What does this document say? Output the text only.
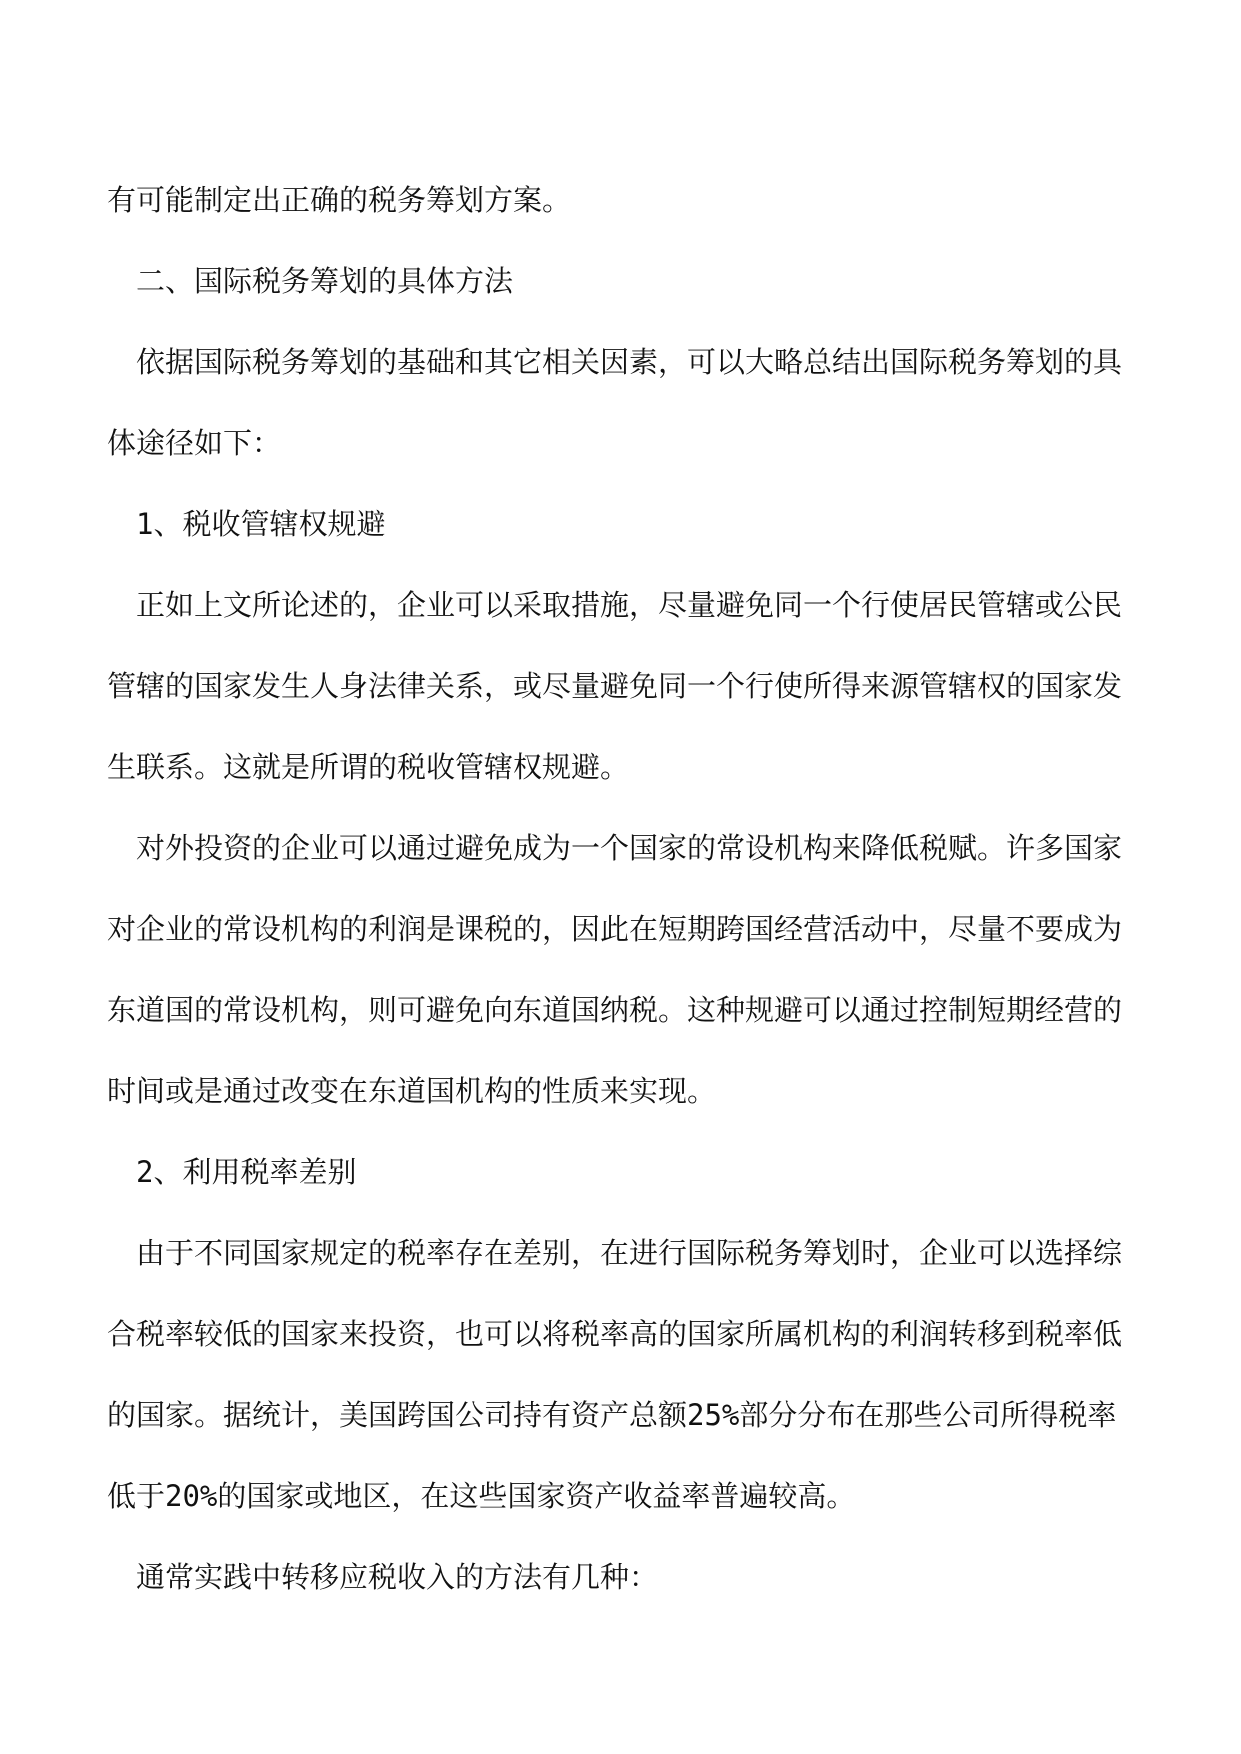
有可能制定出正确的税务筹划方案。

二、国际税务筹划的具体方法

依据国际税务筹划的基础和其它相关因素，可以大略总结出国际税务筹划的具体途径如下：

1、税收管辖权规避

正如上文所论述的，企业可以采取措施，尽量避免同一个行使居民管辖或公民管辖的国家发生人身法律关系，或尽量避免同一个行使所得来源管辖权的国家发生联系。这就是所谓的税收管辖权规避。

对外投资的企业可以通过避免成为一个国家的常设机构来降低税赋。许多国家对企业的常设机构的利润是课税的，因此在短期跨国经营活动中，尽量不要成为东道国的常设机构，则可避免向东道国纳税。这种规避可以通过控制短期经营的时间或是通过改变在东道国机构的性质来实现。

2、利用税率差别

由于不同国家规定的税率存在差别，在进行国际税务筹划时，企业可以选择综合税率较低的国家来投资，也可以将税率高的国家所属机构的利润转移到税率低的国家。据统计，美国跨国公司持有资产总额25%部分分布在那些公司所得税率低于20%的国家或地区，在这些国家资产收益率普遍较高。

通常实践中转移应税收入的方法有几种：
